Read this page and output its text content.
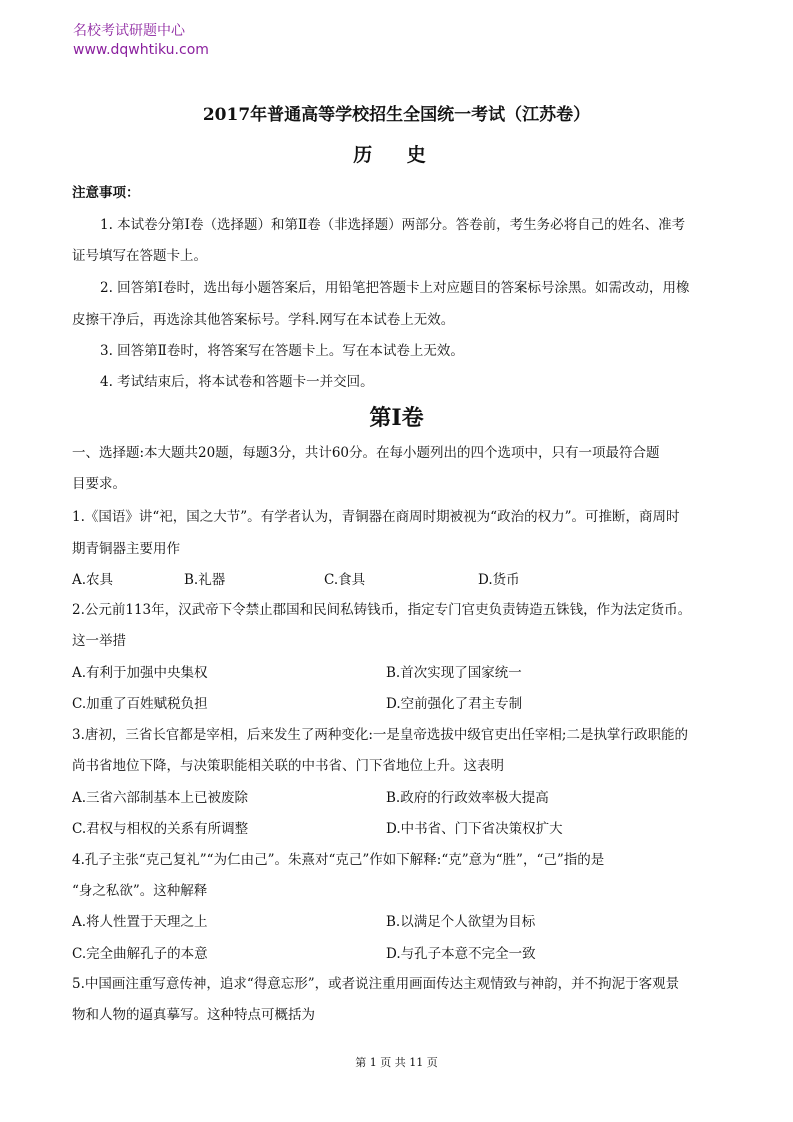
名校考试研题中心
www.dqwhtiku.com
2017年普通高等学校招生全国统一考试（江苏卷）
历 史
注意事项：
1. 本试卷分第Ⅰ卷（选择题）和第Ⅱ卷（非选择题）两部分。答卷前，考生务必将自己的姓名、准考
证号填写在答题卡上。
2. 回答第Ⅰ卷时，选出每小题答案后，用铅笔把答题卡上对应题目的答案标号涂黑。如需改动，用橡
皮擦干净后，再选涂其他答案标号。学科.网写在本试卷上无效。
3. 回答第Ⅱ卷时，将答案写在答题卡上。写在本试卷上无效。
4. 考试结束后，将本试卷和答题卡一并交回。
第Ⅰ卷
一、选择题:本大题共20题，每题3分，共计60分。在每小题列出的四个选项中，只有一项最符合题
目要求。
1.《国语》讲“祀，国之大节”。有学者认为，青铜器在商周时期被视为“政治的权力”。可推断，商周时
期青铜器主要用作
A.农具	B.礼器	C.食具	D.货币
2.公元前113年，汉武帝下令禁止郡国和民间私铸钱币，指定专门官吏负责铸造五铢钱，作为法定货币。
这一举措
A.有利于加强中央集权	B.首次实现了国家统一
C.加重了百姓赋税负担	D.空前强化了君主专制
3.唐初，三省长官都是宰相，后来发生了两种变化:一是皇帝选拔中级官吏出任宰相;二是执掌行政职能的
尚书省地位下降，与决策职能相关联的中书省、门下省地位上升。这表明
A.三省六部制基本上已被废除	B.政府的行政效率极大提高
C.君权与相权的关系有所调整	D.中书省、门下省决策权扩大
4.孔子主张“克己复礼”“为仁由己”。朱熹对“克己”作如下解释:“克”意为“胜”，“己”指的是
“身之私欲”。这种解释
A.将人性置于天理之上	B.以满足个人欲望为目标
C.完全曲解孔子的本意	D.与孔子本意不完全一致
5.中国画注重写意传神，追求“得意忘形”，或者说注重用画面传达主观情致与神韵，并不拘泥于客观景
物和人物的逼真摹写。这种特点可概括为
第 1 页 共 11 页
